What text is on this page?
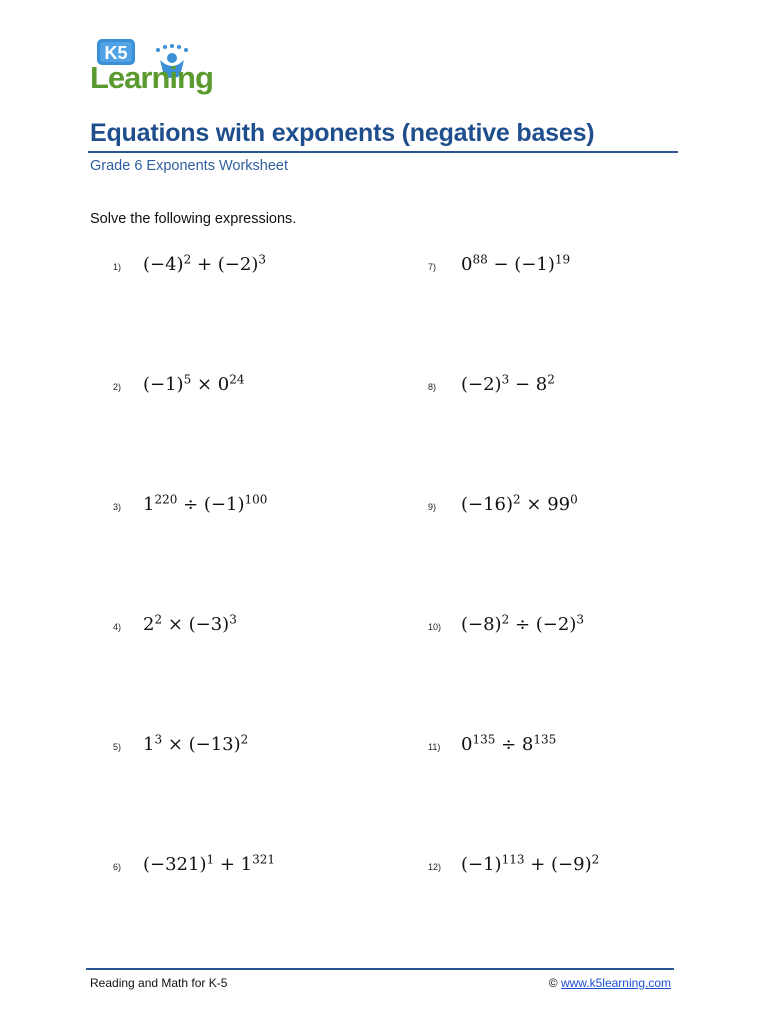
K5
Learning
Equations with exponents (negative bases)
Grade 6 Exponents Worksheet
Solve the following expressions.
1) $(-4)^2 + (-2)^3$
2) $(-1)^5 \times 0^{24}$
3) $1^{220} \div (-1)^{100}$
4) $2^2 \times (-3)^3$
5) $1^3 \times (-13)^2$
6) $(-321)^1 + 1^{321}$
7) $0^{88} - (-1)^{19}$
8) $(-2)^3 - 8^2$
9) $(-16)^2 \times 99^0$
10) $(-8)^2 \div (-2)^3$
11) $0^{135} \div 8^{135}$
12) $(-1)^{113} + (-9)^2$
Reading and Math for K-5	© www.k5learning.com
